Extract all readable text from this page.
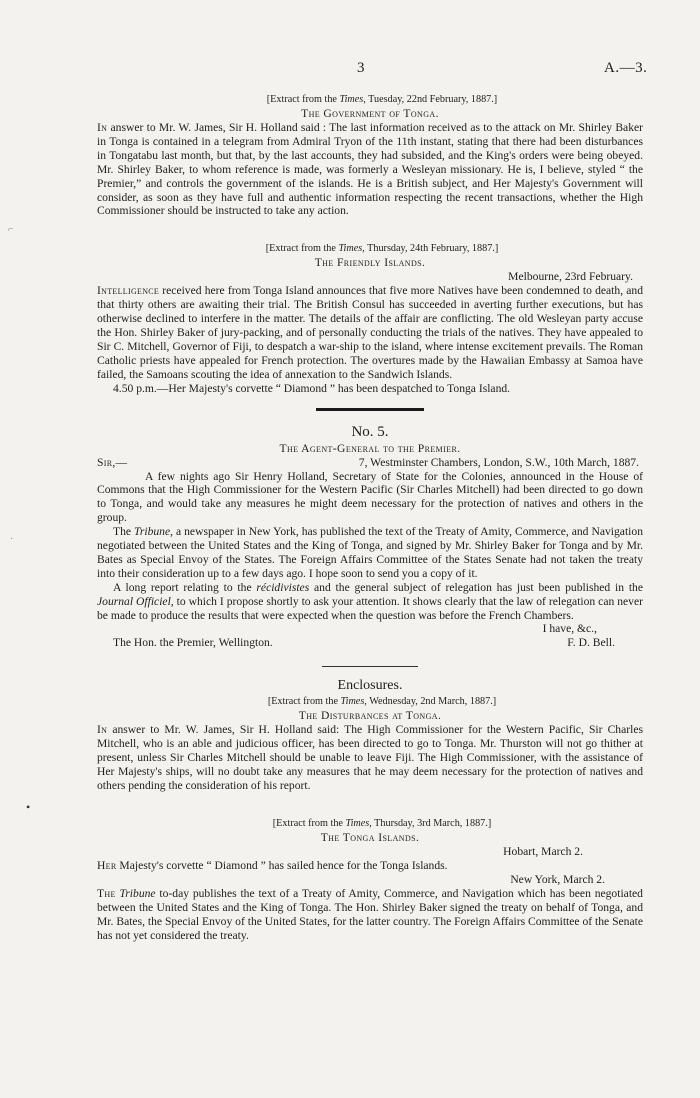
3	A.—3.
⌐
·
•

[Extract from the Times, Tuesday, 22nd February, 1887.]

The Government of Tonga.

In answer to Mr. W. James, Sir H. Holland said : The last information received as to the attack on Mr. Shirley Baker in Tonga is contained in a telegram from Admiral Tryon of the 11th instant, stating that there had been disturbances in Tongatabu last month, but that, by the last accounts, they had subsided, and the King's orders were being obeyed. Mr. Shirley Baker, to whom reference is made, was formerly a Wesleyan missionary. He is, I believe, styled “ the Premier,” and controls the government of the islands. He is a British subject, and Her Majesty's Government will consider, as soon as they have full and authentic information respecting the recent transactions, whether the High Commissioner should be instructed to take any action.

[Extract from the Times, Thursday, 24th February, 1887.]

The Friendly Islands.

Melbourne, 23rd February.

Intelligence received here from Tonga Island announces that five more Natives have been condemned to death, and that thirty others are awaiting their trial. The British Consul has succeeded in averting further executions, but has otherwise declined to interfere in the matter. The details of the affair are conflicting. The old Wesleyan party accuse the Hon. Shirley Baker of jury-packing, and of personally conducting the trials of the natives. They have appealed to Sir C. Mitchell, Governor of Fiji, to despatch a war-ship to the island, where intense excitement prevails. The Roman Catholic priests have appealed for French protection. The overtures made by the Hawaiian Embassy at Samoa have failed, the Samoans scouting the idea of annexation to the Sandwich Islands.

4.50 p.m.—Her Majesty's corvette “ Diamond ” has been despatched to Tonga Island.

No. 5.

The Agent-General to the Premier.

Sir,—	7, Westminster Chambers, London, S.W., 10th March, 1887.

A few nights ago Sir Henry Holland, Secretary of State for the Colonies, announced in the House of Commons that the High Commissioner for the Western Pacific (Sir Charles Mitchell) had been directed to go down to Tonga, and would take any measures he might deem necessary for the protection of natives and others in the group.

The Tribune, a newspaper in New York, has published the text of the Treaty of Amity, Commerce, and Navigation negotiated between the United States and the King of Tonga, and signed by Mr. Shirley Baker for Tonga and by Mr. Bates as Special Envoy of the States. The Foreign Affairs Committee of the States Senate had not taken the treaty into their consideration up to a few days ago. I hope soon to send you a copy of it.

A long report relating to the récidivistes and the general subject of relegation has just been published in the Journal Officiel, to which I propose shortly to ask your attention. It shows clearly that the law of relegation can never be made to produce the results that were expected when the question was before the French Chambers.

I have, &c.,

The Hon. the Premier, Wellington.	F. D. Bell.

Enclosures.

[Extract from the Times, Wednesday, 2nd March, 1887.]

The Disturbances at Tonga.

In answer to Mr. W. James, Sir H. Holland said: The High Commissioner for the Western Pacific, Sir Charles Mitchell, who is an able and judicious officer, has been directed to go to Tonga. Mr. Thurston will not go thither at present, unless Sir Charles Mitchell should be unable to leave Fiji. The High Commissioner, with the assistance of Her Majesty's ships, will no doubt take any measures that he may deem necessary for the protection of natives and others pending the consideration of his report.

[Extract from the Times, Thursday, 3rd March, 1887.]

The Tonga Islands.

Hobart, March 2.

Her Majesty's corvette “ Diamond ” has sailed hence for the Tonga Islands.

New York, March 2.

The Tribune to-day publishes the text of a Treaty of Amity, Commerce, and Navigation which has been negotiated between the United States and the King of Tonga. The Hon. Shirley Baker signed the treaty on behalf of Tonga, and Mr. Bates, the Special Envoy of the United States, for the latter country. The Foreign Affairs Committee of the Senate has not yet considered the treaty.
